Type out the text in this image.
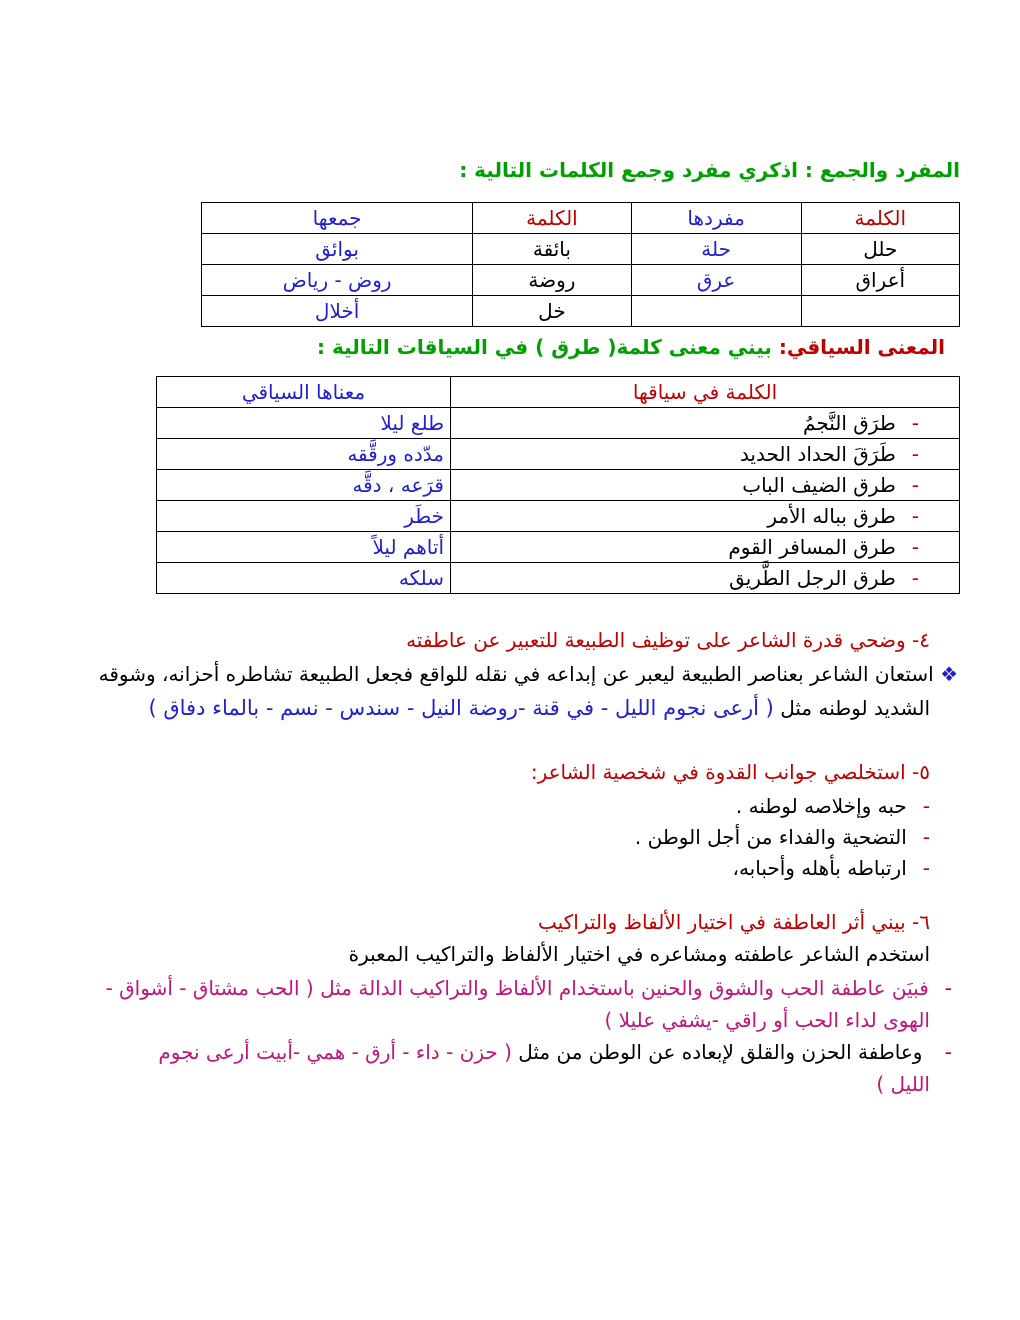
المفرد والجمع : اذكري مفرد وجمع الكلمات التالية :
الكلمة	مفردها	الكلمة	جمعها
حلل	حلة	بائقة	بوائق
أعراق	عرق	روضة	روض - رياض
		خل	أخلال
المعنى السياقي: بيني معنى كلمة( طرق ) في السياقات التالية :
الكلمة في سياقها	معناها السياقي
-طرَق النَّجمُ	طلع ليلا
-طَرَقَ الحداد الحديد	مدّده ورقَّقه
-طرق الضيف الباب	قرَعه ، دقَّه
-طرق بباله الأمر	خطَر
-طرق المسافر القوم	أتاهم ليلاً
-طرق الرجل الطَّريق	سلكه
٤- وضحي قدرة الشاعر على توظيف الطبيعة للتعبير عن عاطفته
❖ استعان الشاعر بعناصر الطبيعة ليعبر عن إبداعه في نقله للواقع فجعل الطبيعة تشاطره أحزانه، وشوقه
الشديد لوطنه مثل ( أرعى نجوم الليل - في قنة -روضة النيل - سندس - نسم - بالماء دفاق )
٥- استخلصي جوانب القدوة في شخصية الشاعر:
-حبه وإخلاصه لوطنه .
-التضحية والفداء من أجل الوطن .
-ارتباطه بأهله وأحبابه،
٦- بيني أثر العاطفة في اختيار الألفاظ والتراكيب
استخدم الشاعر عاطفته ومشاعره في اختيار الألفاظ والتراكيب المعبرة
-فبيَن عاطفة الحب والشوق والحنين باستخدام الألفاظ والتراكيب الدالة مثل ( الحب مشتاق - أشواق -
الهوى لداء الحب أو راقي -يشفي عليلا )
- وعاطفة الحزن والقلق لإبعاده عن الوطن من مثل ( حزن - داء - أرق - همي -أبيت أرعى نجوم
الليل )
